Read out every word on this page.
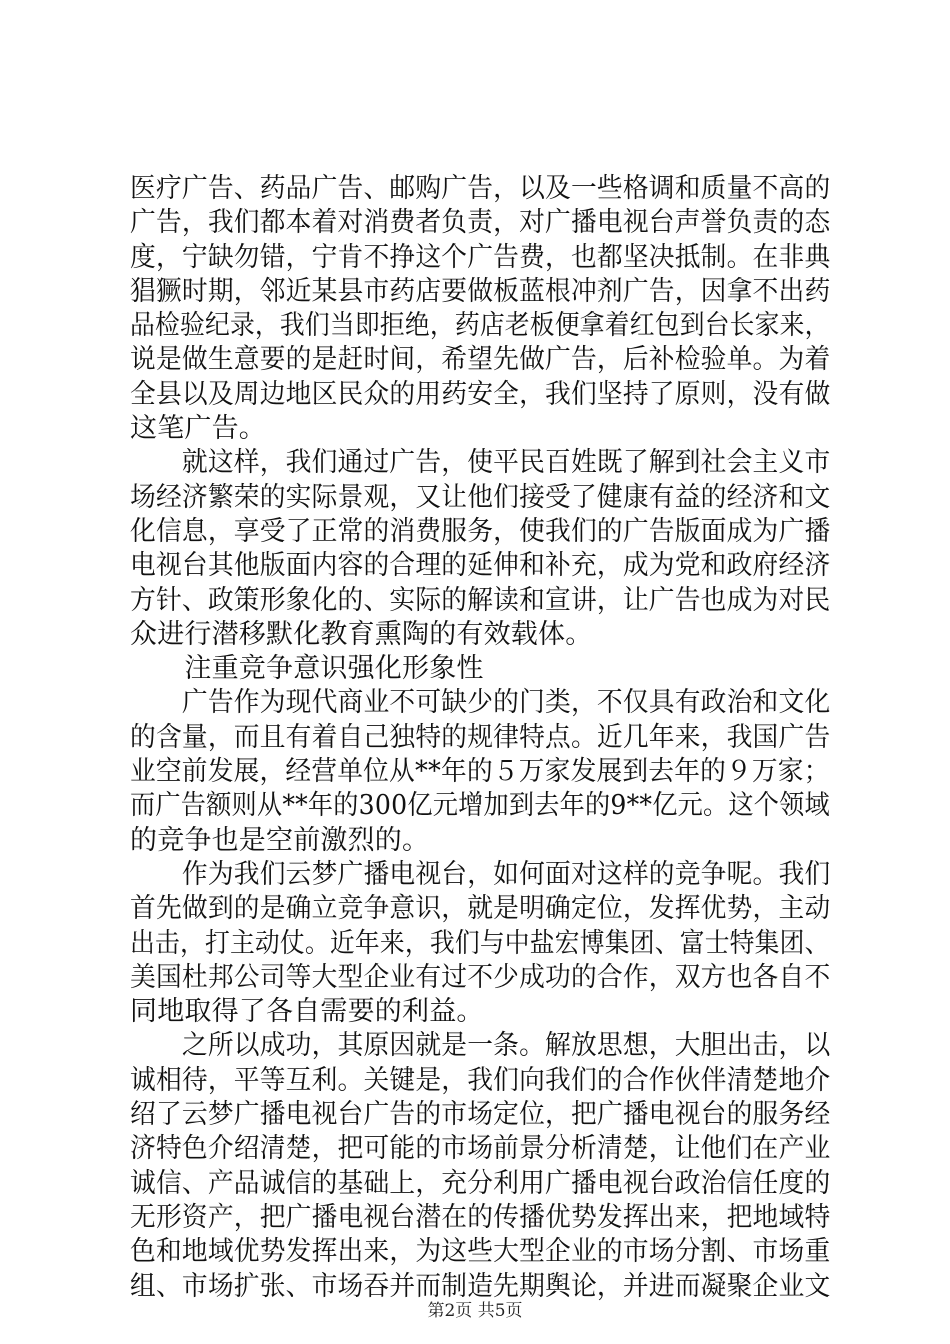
医疗广告、药品广告、邮购广告，以及一些格调和质量不高的
广告，我们都本着对消费者负责，对广播电视台声誉负责的态
度，宁缺勿错，宁肯不挣这个广告费，也都坚决抵制。在非典
猖獗时期，邻近某县市药店要做板蓝根冲剂广告，因拿不出药
品检验纪录，我们当即拒绝，药店老板便拿着红包到台长家来，
说是做生意要的是赶时间，希望先做广告，后补检验单。为着
全县以及周边地区民众的用药安全，我们坚持了原则，没有做
这笔广告。
　　就这样，我们通过广告，使平民百姓既了解到社会主义市
场经济繁荣的实际景观，又让他们接受了健康有益的经济和文
化信息，享受了正常的消费服务，使我们的广告版面成为广播
电视台其他版面内容的合理的延伸和补充，成为党和政府经济
方针、政策形象化的、实际的解读和宣讲，让广告也成为对民
众进行潜移默化教育熏陶的有效载体。
　　注重竞争意识强化形象性
　　广告作为现代商业不可缺少的门类，不仅具有政治和文化
的含量，而且有着自己独特的规律特点。近几年来，我国广告
业空前发展，经营单位从**年的５万家发展到去年的９万家；
而广告额则从**年的300亿元增加到去年的9**亿元。这个领域
的竞争也是空前激烈的。
　　作为我们云梦广播电视台，如何面对这样的竞争呢。我们
首先做到的是确立竞争意识，就是明确定位，发挥优势，主动
出击，打主动仗。近年来，我们与中盐宏博集团、富士特集团、
美国杜邦公司等大型企业有过不少成功的合作，双方也各自不
同地取得了各自需要的利益。
　　之所以成功，其原因就是一条。解放思想，大胆出击，以
诚相待，平等互利。关键是，我们向我们的合作伙伴清楚地介
绍了云梦广播电视台广告的市场定位，把广播电视台的服务经
济特色介绍清楚，把可能的市场前景分析清楚，让他们在产业
诚信、产品诚信的基础上，充分利用广播电视台政治信任度的
无形资产，把广播电视台潜在的传播优势发挥出来，把地域特
色和地域优势发挥出来，为这些大型企业的市场分割、市场重
组、市场扩张、市场吞并而制造先期舆论，并进而凝聚企业文
第2页 共5页
